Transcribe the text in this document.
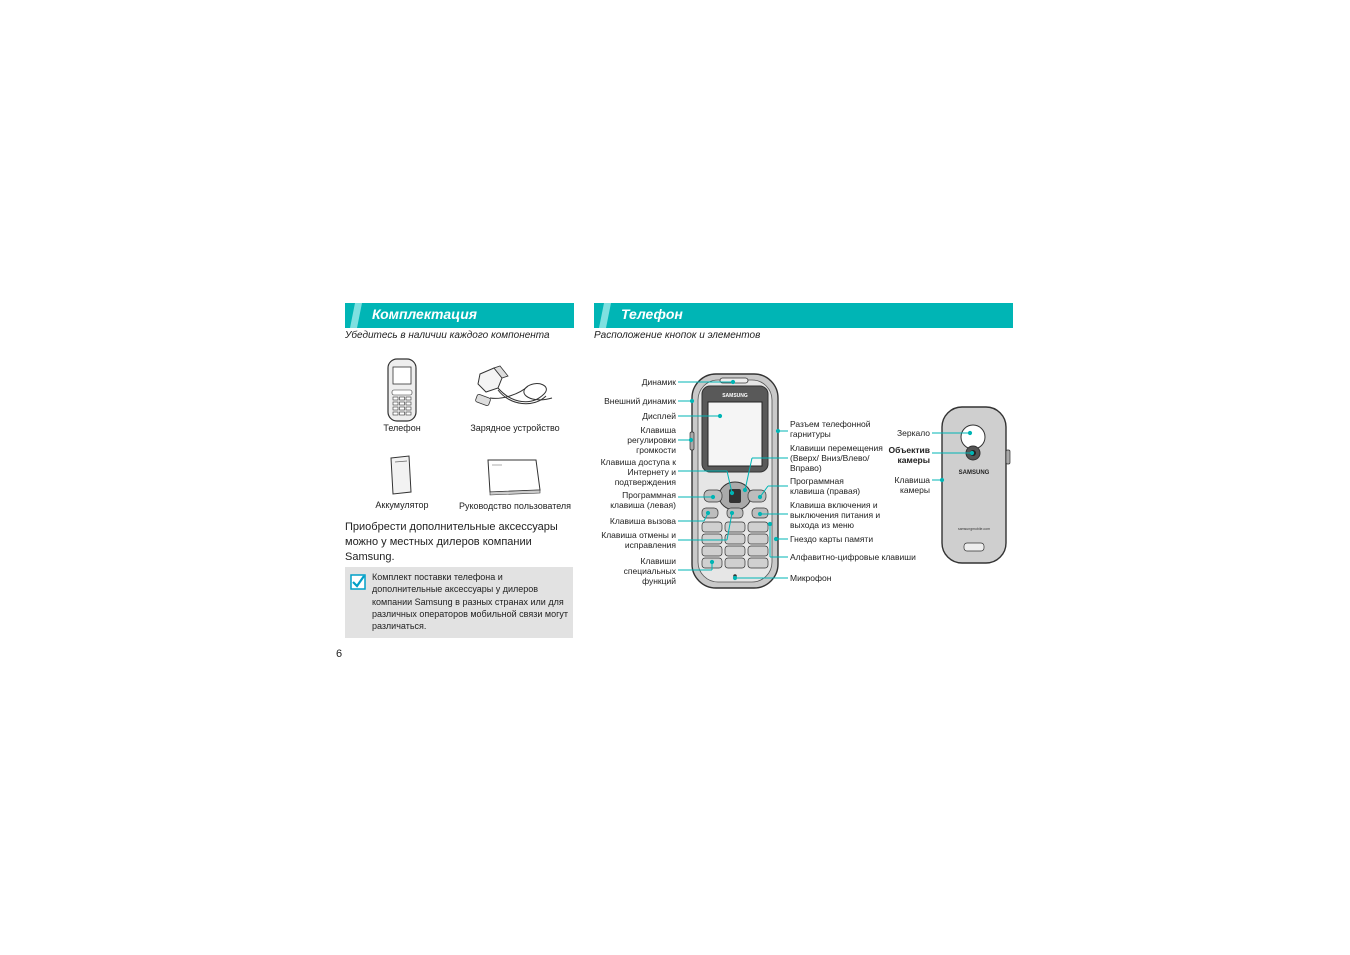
Комплектация
Убедитесь в наличии каждого компонента
Телефон	Зарядное устройство
Аккумулятор	Руководство пользователя
Приобрести дополнительные аксессуары можно у местных дилеров компании Samsung.
Комплект поставки телефона и дополнительные аксессуары у дилеров компании Samsung в разных странах или для различных операторов мобильной связи могут различаться.
6
Телефон
Расположение кнопок и элементов
SAMSUNG
SAMSUNG
samsungmobile.com
Динамик
Внешний динамик
Дисплей
Клавиша регулировки громкости
Клавиша доступа к Интернету и подтверждения
Программная клавиша (левая)
Клавиша вызова
Клавиша отмены и исправления
Клавиши специальных функций
Разъем телефонной гарнитуры
Клавиши перемещения (Вверх/ Вниз/Влево/Вправо)
Программная клавиша (правая)
Клавиша включения и выключения питания и выхода из меню
Гнездо карты памяти
Алфавитно-цифровые клавиши
Микрофон
Зеркало
Объектив камеры
Клавиша камеры
